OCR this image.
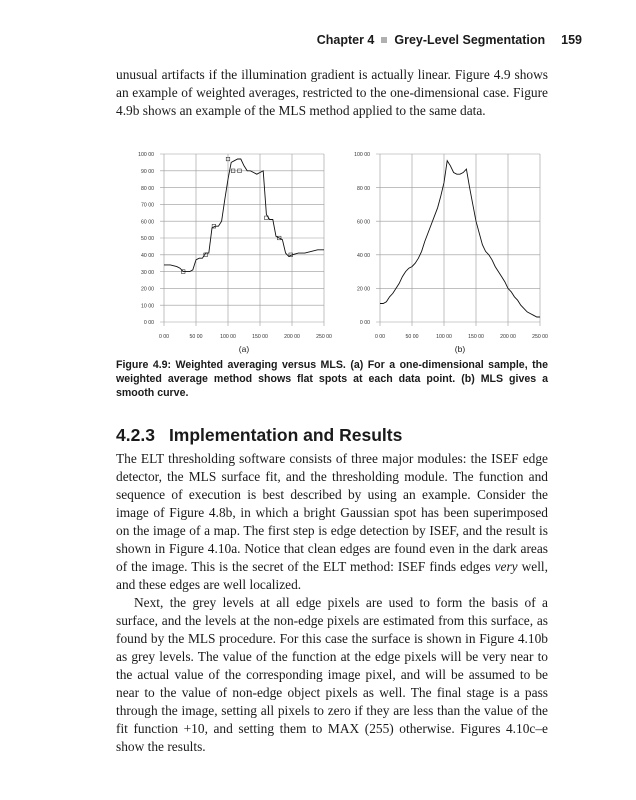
Chapter 4 Grey-Level Segmentation 159

unusual artifacts if the illumination gradient is actually linear. Figure 4.9 shows an example of weighted averages, restricted to the one-dimensional case. Figure 4.9b shows an example of the MLS method applied to the same data.

0 00
10 00
20 00
30 00
40 00
50 00
60 00
70 00
80 00
90 00
100 00
0 00	50 00	100 00	150 00	200 00	250 00
(a)
0 00
20 00
40 00
60 00
80 00
100 00
0 00	50 00	100 00	150 00	200 00	250 00
(b)
Figure 4.9: Weighted averaging versus MLS. (a) For a one-dimensional sample, the weighted average method shows flat spots at each data point. (b) MLS gives a smooth curve.
4.2.3 Implementation and Results

The ELT thresholding software consists of three major modules: the ISEF edge detector, the MLS surface fit, and the thresholding module. The function and sequence of execution is best described by using an example. Consider the image of Figure 4.8b, in which a bright Gaussian spot has been superimposed on the image of a map. The first step is edge detection by ISEF, and the result is shown in Figure 4.10a. Notice that clean edges are found even in the dark areas of the image. This is the secret of the ELT method: ISEF finds edges very well, and these edges are well localized.

Next, the grey levels at all edge pixels are used to form the basis of a surface, and the levels at the non-edge pixels are estimated from this surface, as found by the MLS procedure. For this case the surface is shown in Figure 4.10b as grey levels. The value of the function at the edge pixels will be very near to the actual value of the corresponding image pixel, and will be assumed to be near to the value of non-edge object pixels as well. The final stage is a pass through the image, setting all pixels to zero if they are less than the value of the fit function +10, and setting them to MAX (255) otherwise. Figures 4.10c–e show the results.
